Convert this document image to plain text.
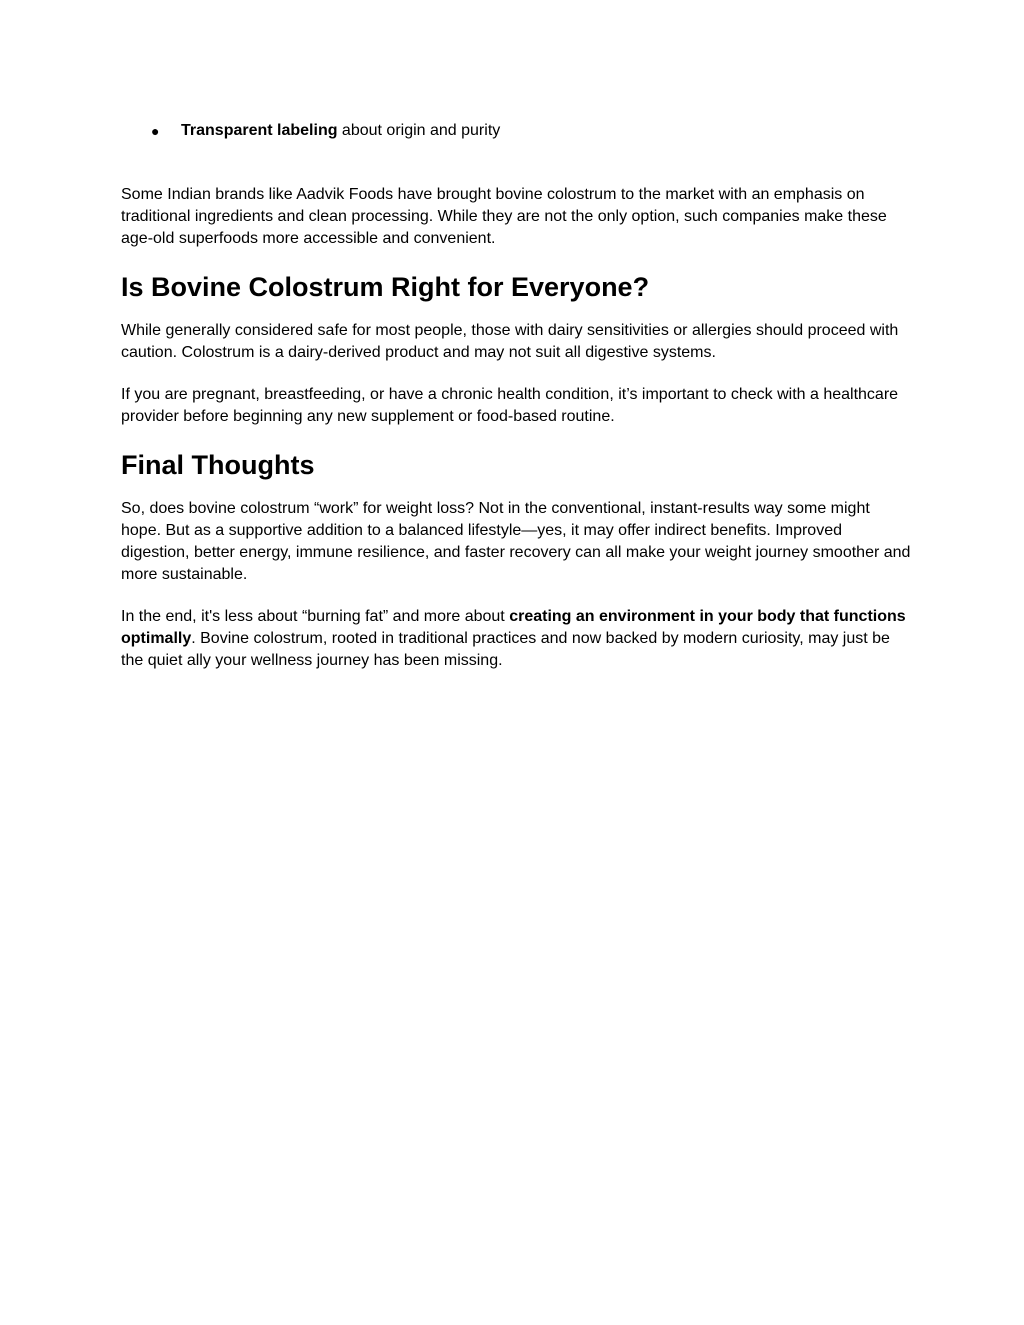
● Transparent labeling about origin and purity

Some Indian brands like Aadvik Foods have brought bovine colostrum to the market with an emphasis on traditional ingredients and clean processing. While they are not the only option, such companies make these age-old superfoods more accessible and convenient.

Is Bovine Colostrum Right for Everyone?

While generally considered safe for most people, those with dairy sensitivities or allergies should proceed with caution. Colostrum is a dairy-derived product and may not suit all digestive systems.

If you are pregnant, breastfeeding, or have a chronic health condition, it’s important to check with a healthcare provider before beginning any new supplement or food-based routine.

Final Thoughts

So, does bovine colostrum “work” for weight loss? Not in the conventional, instant-results way some might hope. But as a supportive addition to a balanced lifestyle—yes, it may offer indirect benefits. Improved digestion, better energy, immune resilience, and faster recovery can all make your weight journey smoother and more sustainable.

In the end, it's less about “burning fat” and more about creating an environment in your body that functions optimally. Bovine colostrum, rooted in traditional practices and now backed by modern curiosity, may just be the quiet ally your wellness journey has been missing.
